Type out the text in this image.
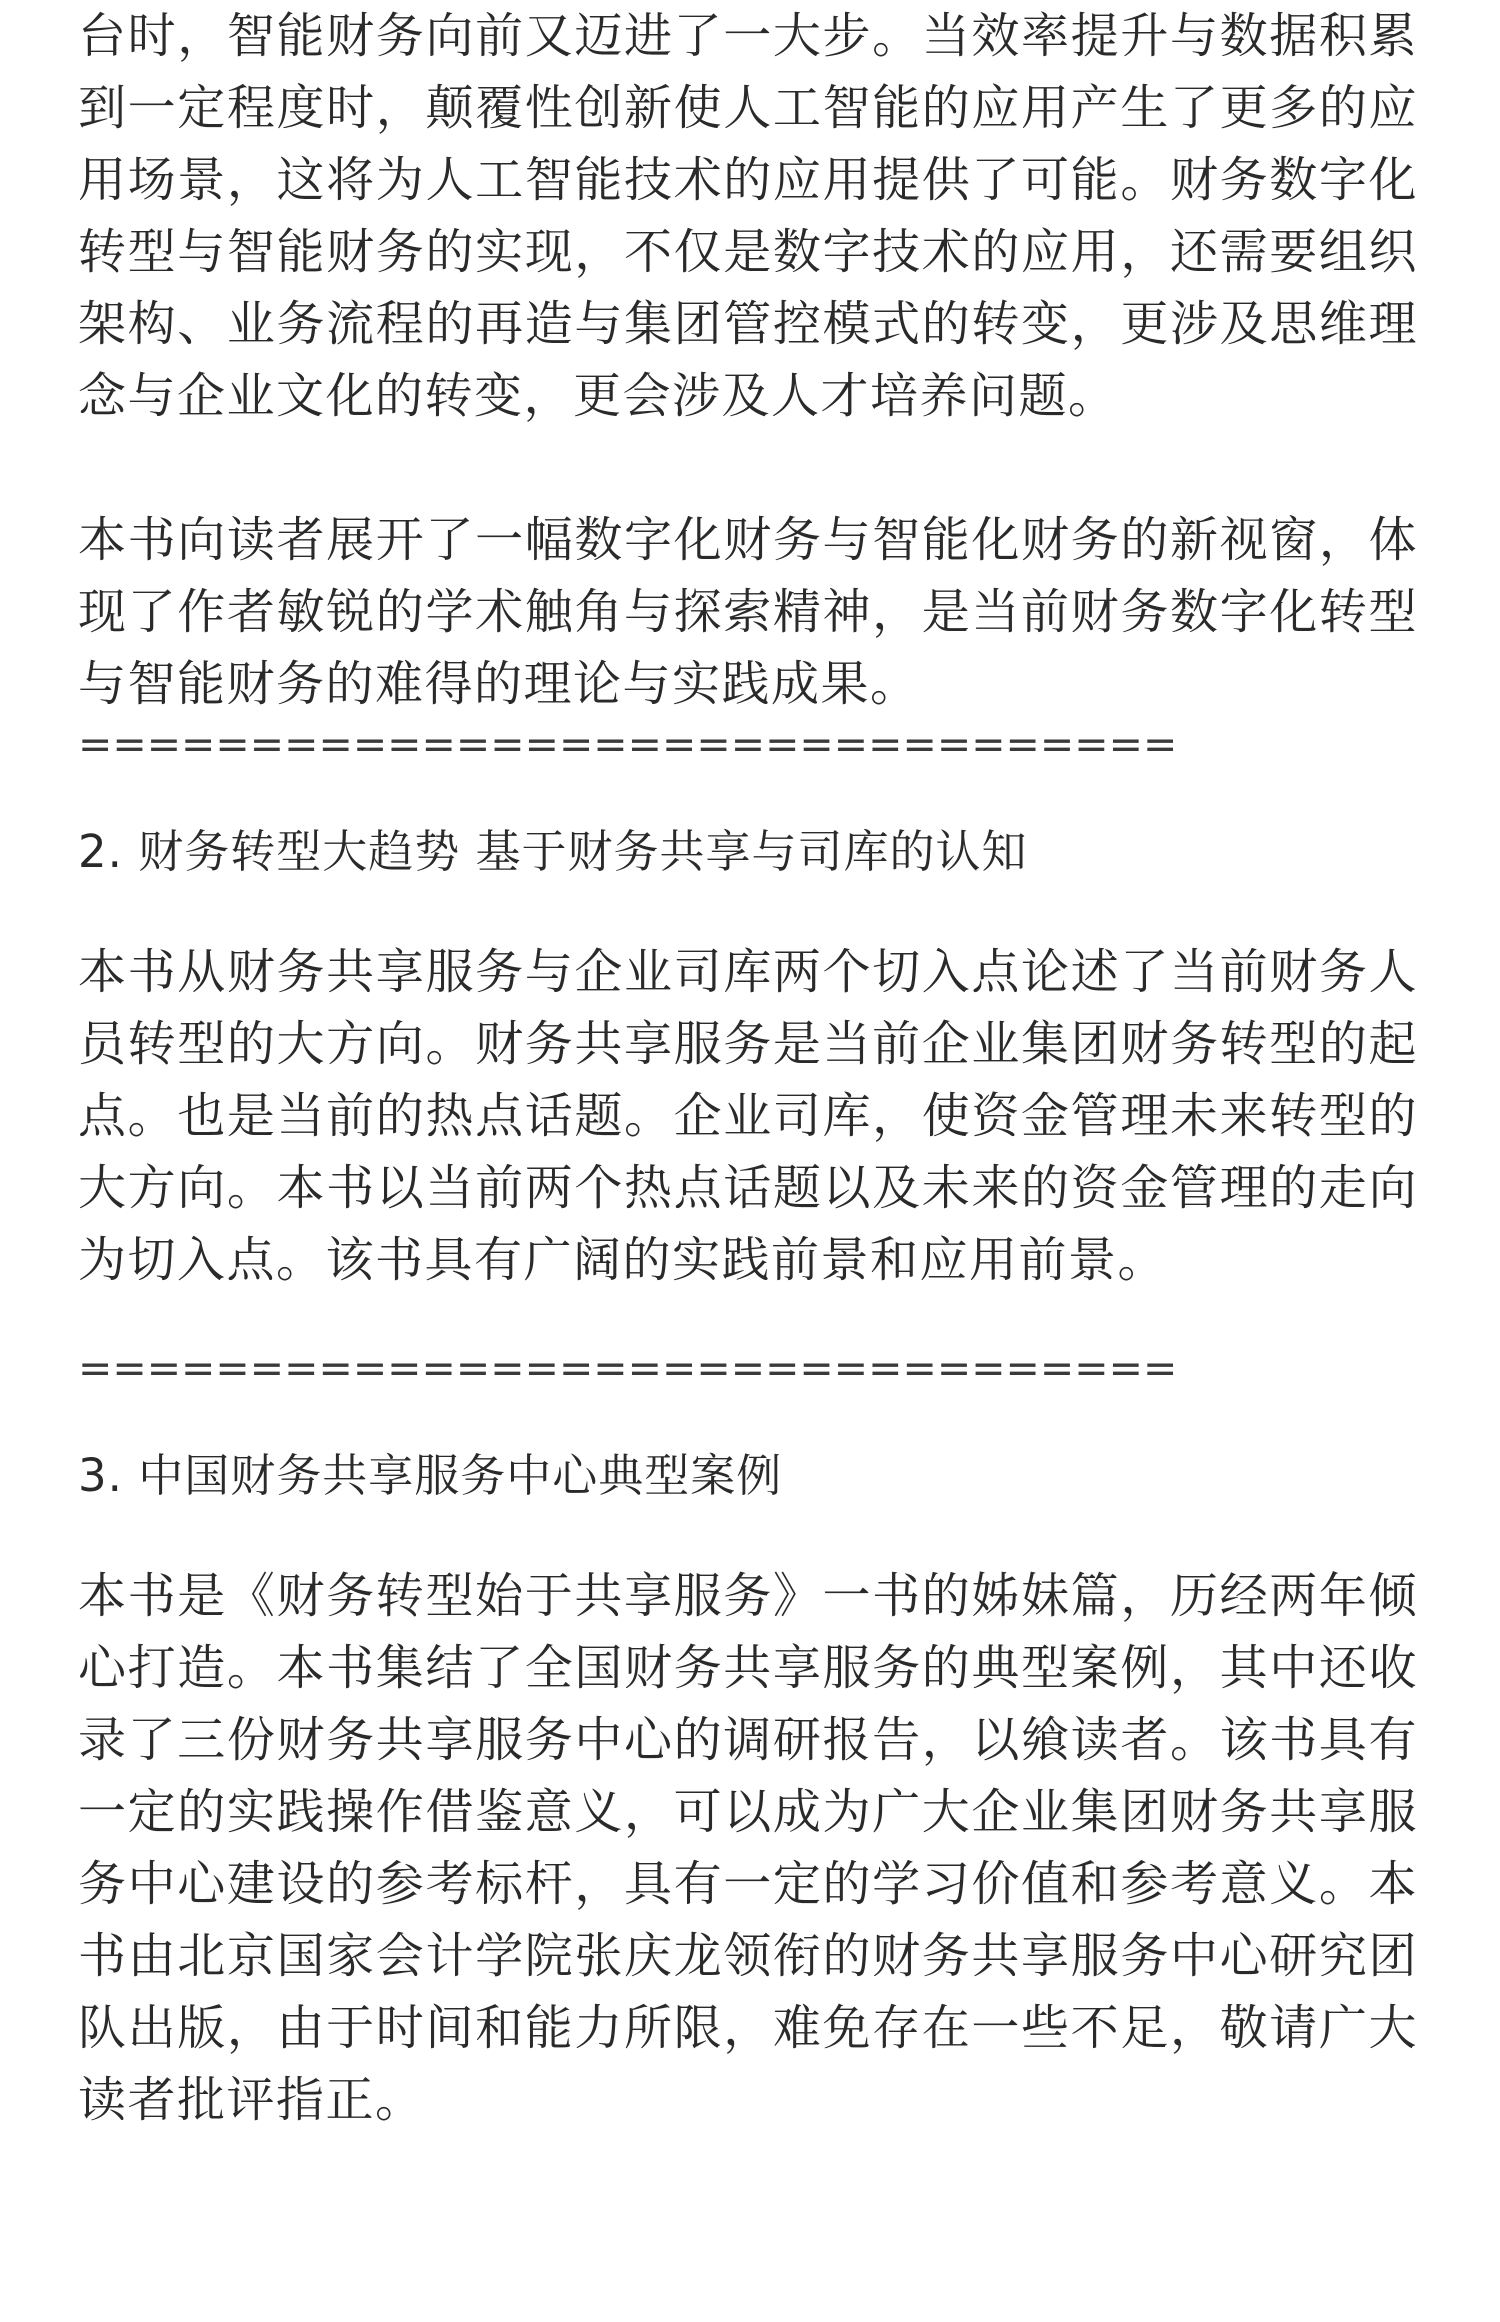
台时，智能财务向前又迈进了一大步。当效率提升与数据积累到一定程度时，颠覆性创新使人工智能的应用产生了更多的应用场景，这将为人工智能技术的应用提供了可能。财务数字化转型与智能财务的实现，不仅是数字技术的应用，还需要组织架构、业务流程的再造与集团管控模式的转变，更涉及思维理念与企业文化的转变，更会涉及人才培养问题。

本书向读者展开了一幅数字化财务与智能化财务的新视窗，体现了作者敏锐的学术触角与探索精神，是当前财务数字化转型与智能财务的难得的理论与实践成果。

================================

2. 财务转型大趋势 基于财务共享与司库的认知

本书从财务共享服务与企业司库两个切入点论述了当前财务人员转型的大方向。财务共享服务是当前企业集团财务转型的起点。也是当前的热点话题。企业司库，使资金管理未来转型的大方向。本书以当前两个热点话题以及未来的资金管理的走向为切入点。该书具有广阔的实践前景和应用前景。

================================

3. 中国财务共享服务中心典型案例

本书是《财务转型始于共享服务》一书的姊妹篇，历经两年倾心打造。本书集结了全国财务共享服务的典型案例，其中还收录了三份财务共享服务中心的调研报告，以飨读者。该书具有一定的实践操作借鉴意义，可以成为广大企业集团财务共享服务中心建设的参考标杆，具有一定的学习价值和参考意义。本书由北京国家会计学院张庆龙领衔的财务共享服务中心研究团队出版，由于时间和能力所限，难免存在一些不足，敬请广大读者批评指正。
